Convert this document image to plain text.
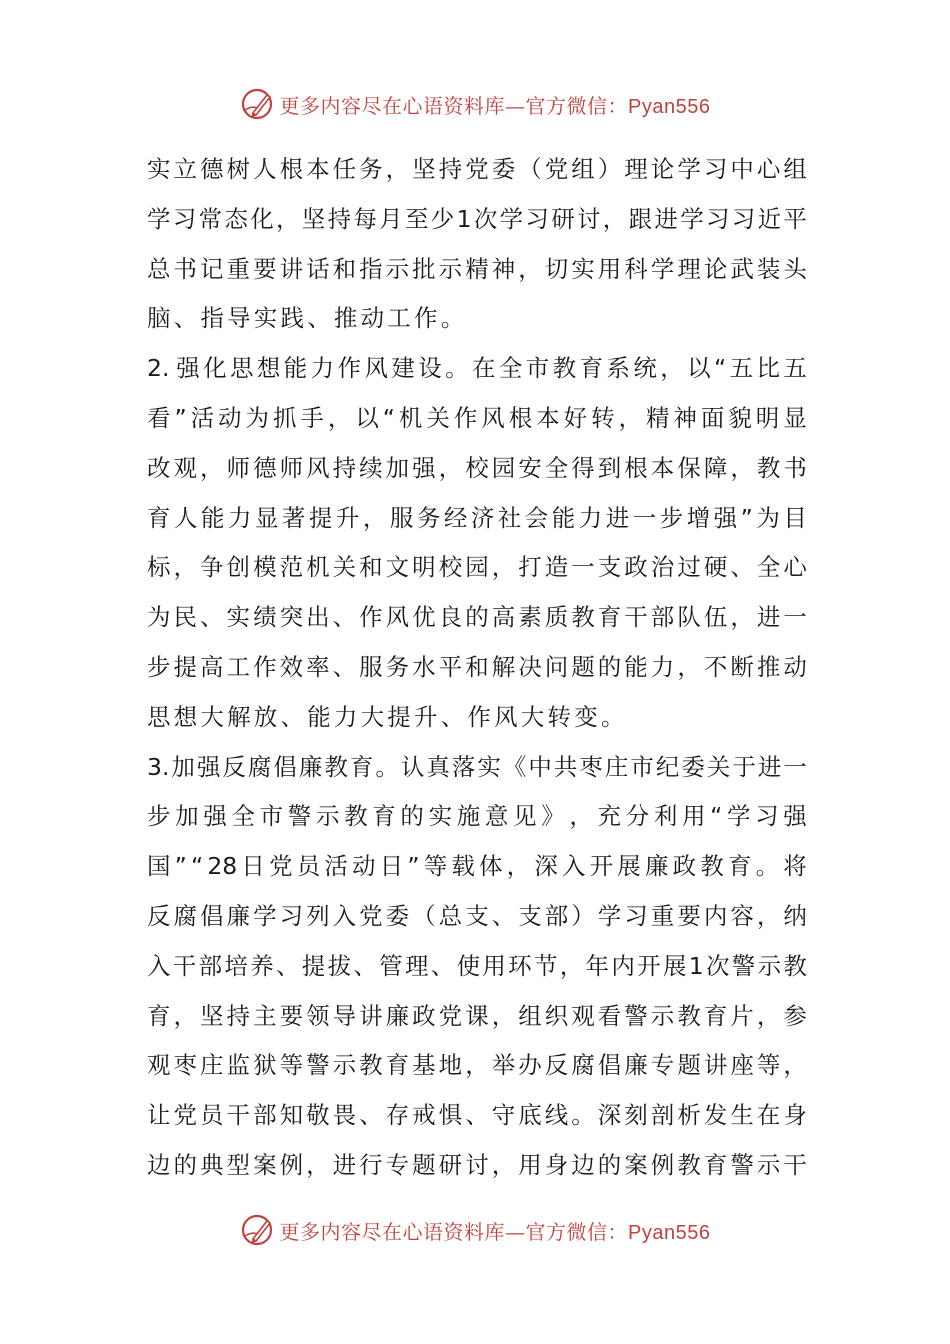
更多内容尽在心语资料库—官方微信：Pyan556
实 立 德 树 人 根 本 任 务 ， 坚 持 党 委 （ 党 组 ） 理 论 学 习 中 心 组
学 习 常 态 化 ， 坚 持 每 月 至 少 1 次 学 习 研 讨 ， 跟 进 学 习 习 近 平
总 书 记 重 要 讲 话 和 指 示 批 示 精 神 ， 切 实 用 科 学 理 论 武 装 头
脑、指导实践、推动工作。
2. 强 化 思 想 能 力 作 风 建 设 。 在 全 市 教 育 系 统 ， 以 “ 五 比 五
看 ” 活 动 为 抓 手 ， 以 “ 机 关 作 风 根 本 好 转 ， 精 神 面 貌 明 显
改 观 ， 师 德 师 风 持 续 加 强 ， 校 园 安 全 得 到 根 本 保 障 ， 教 书
育 人 能 力 显 著 提 升 ， 服 务 经 济 社 会 能 力 进 一 步 增 强 ” 为 目
标 ， 争 创 模 范 机 关 和 文 明 校 园 ， 打 造 一 支 政 治 过 硬 、 全 心
为 民 、 实 绩 突 出 、 作 风 优 良 的 高 素 质 教 育 干 部 队 伍 ， 进 一
步 提 高 工 作 效 率 、 服 务 水 平 和 解 决 问 题 的 能 力 ， 不 断 推 动
思想大解放、能力大提升、作风大转变。
3. 加 强 反 腐 倡 廉 教 育 。 认 真 落 实 《 中 共 枣 庄 市 纪 委 关 于 进 一
步 加 强 全 市 警 示 教 育 的 实 施 意 见 》 ， 充 分 利 用 “ 学 习 强
国 ” “ 28 日 党 员 活 动 日 ” 等 载 体 ， 深 入 开 展 廉 政 教 育 。 将
反 腐 倡 廉 学 习 列 入 党 委 （ 总 支 、 支 部 ） 学 习 重 要 内 容 ， 纳
入 干 部 培 养 、 提 拔 、 管 理 、 使 用 环 节 ， 年 内 开 展 1 次 警 示 教
育 ， 坚 持 主 要 领 导 讲 廉 政 党 课 ， 组 织 观 看 警 示 教 育 片 ， 参
观 枣 庄 监 狱 等 警 示 教 育 基 地 ， 举 办 反 腐 倡 廉 专 题 讲 座 等 ，
让 党 员 干 部 知 敬 畏 、 存 戒 惧 、 守 底 线 。 深 刻 剖 析 发 生 在 身
边 的 典 型 案 例 ， 进 行 专 题 研 讨 ， 用 身 边 的 案 例 教 育 警 示 干
更多内容尽在心语资料库—官方微信：Pyan556
